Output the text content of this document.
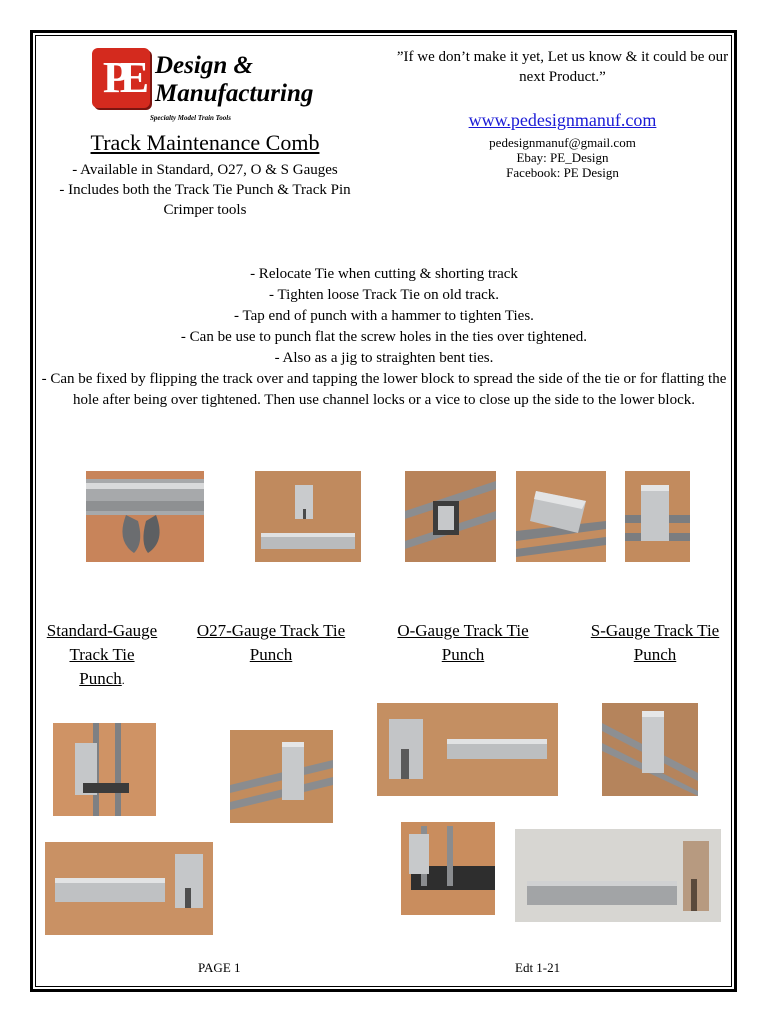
PE Design &
Manufacturing
Specialty Model Train Tools
Track Maintenance Comb
- Available in Standard, O27, O & S Gauges
- Includes both the Track Tie Punch & Track Pin Crimper tools
”If we don’t make it yet, Let us know & it could be our next Product.”
www.pedesignmanuf.com
pedesignmanuf@gmail.com
Ebay: PE_Design
Facebook: PE Design
- Relocate Tie when cutting & shorting track
- Tighten loose Track Tie on old track.
- Tap end of punch with a hammer to tighten Ties.
- Can be use to punch flat the screw holes in the ties over tightened.
- Also as a jig to straighten bent ties.
- Can be fixed by flipping the track over and tapping the lower block to spread the side of the tie or for flatting the hole after being over tightened. Then use channel locks or a vice to close up the side to the lower block.
Standard-Gauge Track Tie Punch.
O27-Gauge Track Tie Punch
O-Gauge Track Tie Punch
S-Gauge Track Tie Punch
PAGE 1	Edt 1-21
